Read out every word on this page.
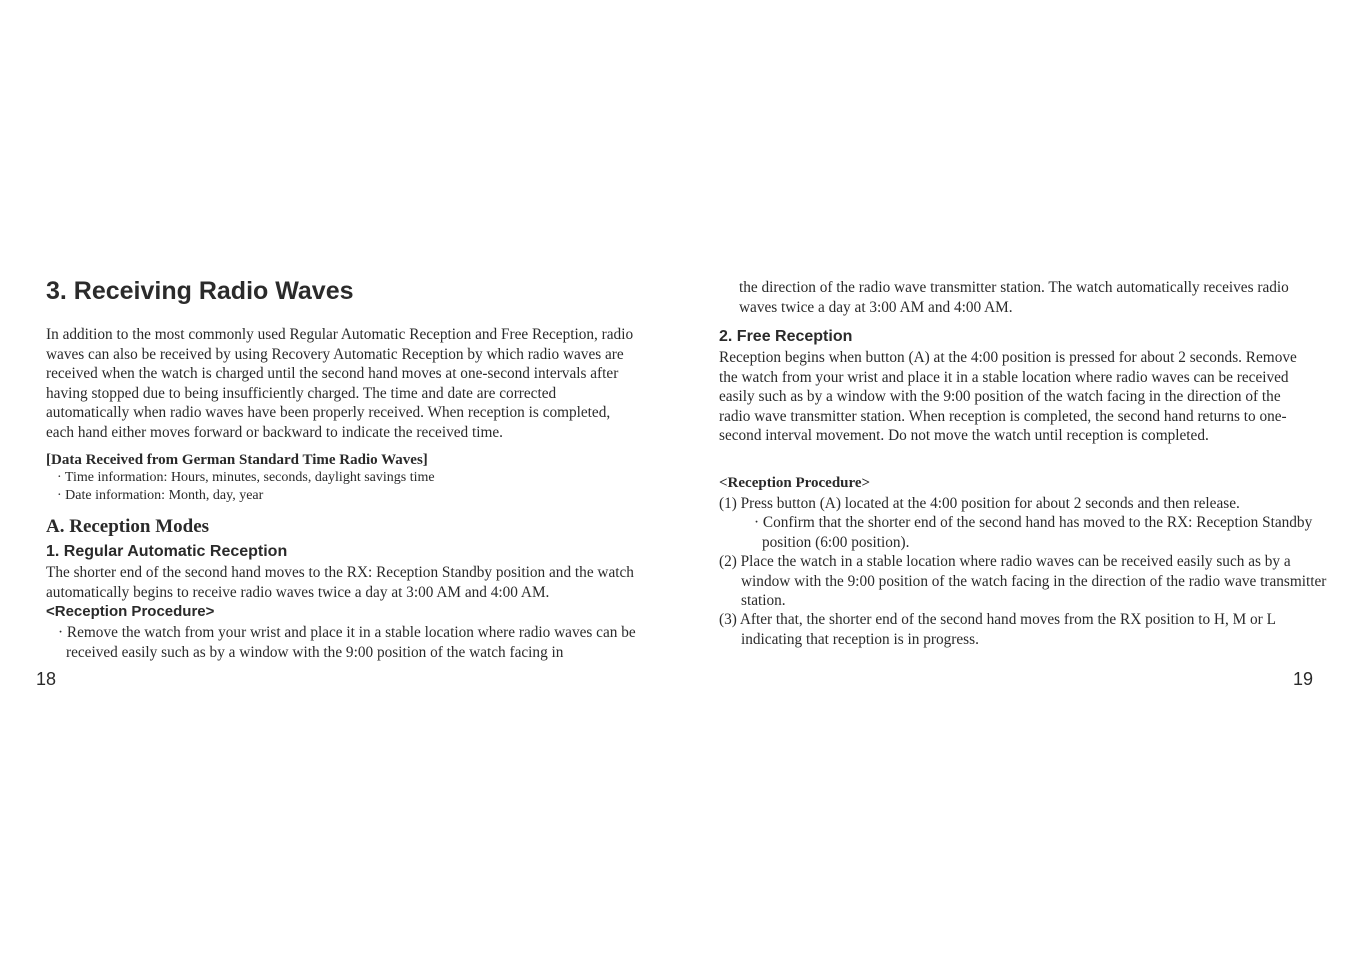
3. Receiving Radio Waves

In addition to the most commonly used Regular Automatic Reception and Free Reception, radio waves can also be received by using Recovery Automatic Reception by which radio waves are received when the watch is charged until the second hand moves at one-second intervals after having stopped due to being insufficiently charged. The time and date are corrected automatically when radio waves have been properly received. When reception is completed, each hand either moves forward or backward to indicate the received time.

[Data Received from German Standard Time Radio Waves]

· Time information: Hours, minutes, seconds, daylight savings time

· Date information: Month, day, year

A. Reception Modes
1. Regular Automatic Reception

The shorter end of the second hand moves to the RX: Reception Standby position and the watch automatically begins to receive radio waves twice a day at 3:00 AM and 4:00 AM.

<Reception Procedure>

· Remove the watch from your wrist and place it in a stable location where radio waves can be received easily such as by a window with the 9:00 position of the watch facing in

18

the direction of the radio wave transmitter station. The watch automatically receives radio waves twice a day at 3:00 AM and 4:00 AM.

2. Free Reception

Reception begins when button (A) at the 4:00 position is pressed for about 2 seconds. Remove the watch from your wrist and place it in a stable location where radio waves can be received easily such as by a window with the 9:00 position of the watch facing in the direction of the radio wave transmitter station. When reception is completed, the second hand returns to one-second interval movement. Do not move the watch until reception is completed.

<Reception Procedure>

(1) Press button (A) located at the 4:00 position for about 2 seconds and then release.

· Confirm that the shorter end of the second hand has moved to the RX: Reception Standby position (6:00 position).

(2) Place the watch in a stable location where radio waves can be received easily such as by a window with the 9:00 position of the watch facing in the direction of the radio wave transmitter station.

(3) After that, the shorter end of the second hand moves from the RX position to H, M or L indicating that reception is in progress.

19
